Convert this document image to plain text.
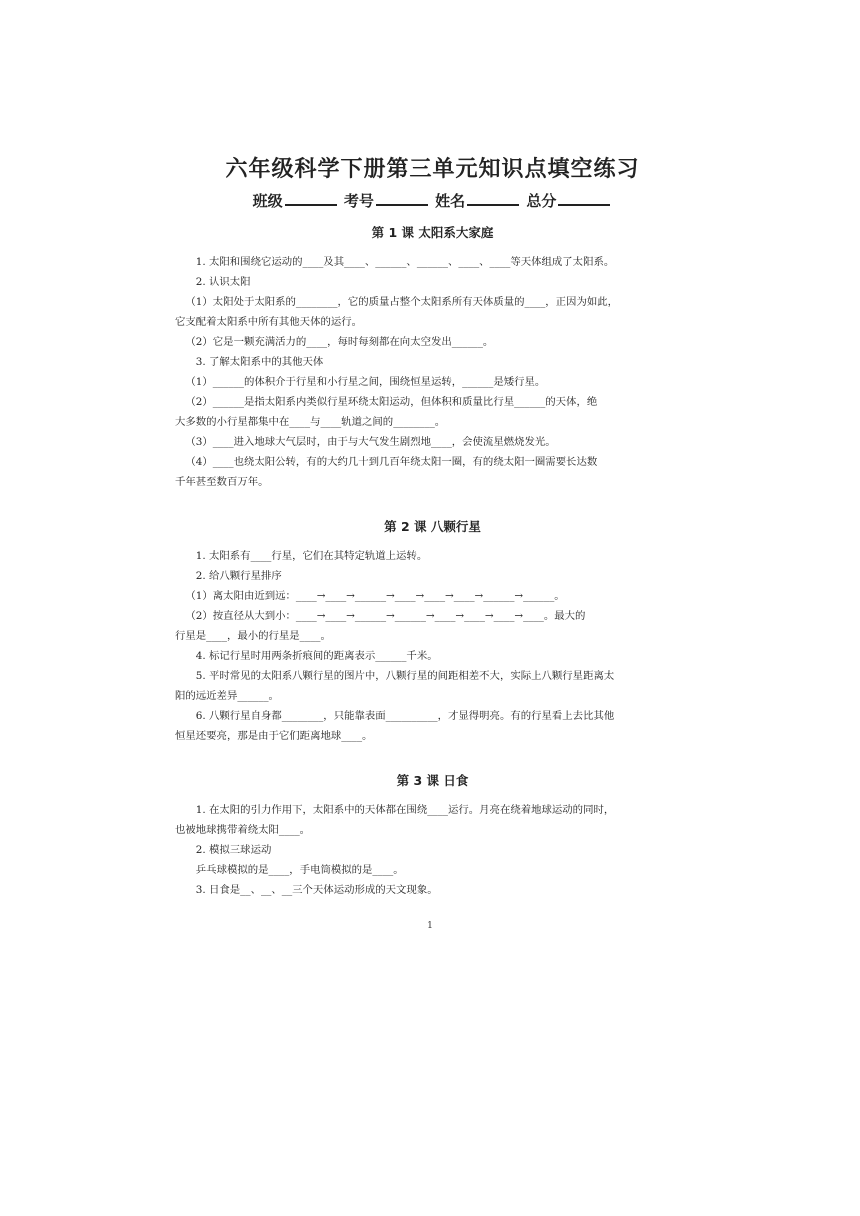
六年级科学下册第三单元知识点填空练习
班级	考号	姓名	总分
第 1 课 太阳系大家庭

1. 太阳和围绕它运动的____及其____、______、______、____、____等天体组成了太阳系。

2. 认识太阳

（1）太阳处于太阳系的________，它的质量占整个太阳系所有天体质量的____，正因为如此，

它支配着太阳系中所有其他天体的运行。

（2）它是一颗充满活力的____，每时每刻都在向太空发出______。

3. 了解太阳系中的其他天体

（1）______的体积介于行星和小行星之间，围绕恒星运转，______是矮行星。

（2）______是指太阳系内类似行星环绕太阳运动，但体积和质量比行星______的天体，绝

大多数的小行星都集中在____与____轨道之间的________。

（3）____进入地球大气层时，由于与大气发生剧烈地____，会使流星燃烧发光。

（4）____也绕太阳公转，有的大约几十到几百年绕太阳一圈，有的绕太阳一圈需要长达数

千年甚至数百万年。

第 2 课 八颗行星

1. 太阳系有____行星，它们在其特定轨道上运转。

2. 给八颗行星排序

（1）离太阳由近到远：____→____→______→____→____→____→______→______。

（2）按直径从大到小：____→____→______→______→____→____→____→____。最大的

行星是____，最小的行星是____。

4. 标记行星时用两条折痕间的距离表示______千米。

5. 平时常见的太阳系八颗行星的图片中，八颗行星的间距相差不大，实际上八颗行星距离太

阳的远近差异______。

6. 八颗行星自身都________，只能靠表面__________，才显得明亮。有的行星看上去比其他

恒星还要亮，那是由于它们距离地球____。

第 3 课 日食

1. 在太阳的引力作用下，太阳系中的天体都在围绕____运行。月亮在绕着地球运动的同时，

也被地球携带着绕太阳____。

2. 模拟三球运动

乒乓球模拟的是____，手电筒模拟的是____。

3. 日食是__、__、__三个天体运动形成的天文现象。

1
